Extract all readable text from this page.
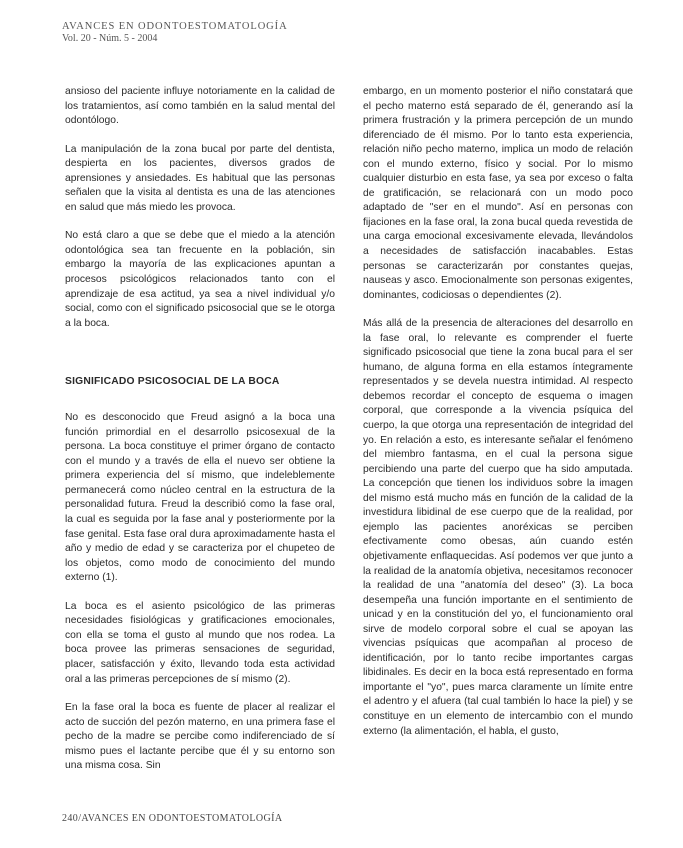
AVANCES EN ODONTOESTOMATOLOGÍA
Vol. 20 - Núm. 5 - 2004

ansioso del paciente influye notoriamente en la calidad de los tratamientos, así como también en la salud mental del odontólogo.

La manipulación de la zona bucal por parte del dentista, despierta en los pacientes, diversos grados de aprensiones y ansiedades. Es habitual que las personas señalen que la visita al dentista es una de las atenciones en salud que más miedo les provoca.

No está claro a que se debe que el miedo a la atención odontológica sea tan frecuente en la población, sin embargo la mayoría de las explicaciones apuntan a procesos psicológicos relacionados tanto con el aprendizaje de esa actitud, ya sea a nivel individual y/o social, como con el significado psicosocial que se le otorga a la boca.

SIGNIFICADO PSICOSOCIAL DE LA BOCA

No es desconocido que Freud asignó a la boca una función primordial en el desarrollo psicosexual de la persona. La boca constituye el primer órgano de contacto con el mundo y a través de ella el nuevo ser obtiene la primera experiencia del sí mismo, que indeleblemente permanecerá como núcleo central en la estructura de la personalidad futura. Freud la describió como la fase oral, la cual es seguida por la fase anal y posteriormente por la fase genital. Esta fase oral dura aproximadamente hasta el año y medio de edad y se caracteriza por el chupeteo de los objetos, como modo de conocimiento del mundo externo (1).

La boca es el asiento psicológico de las primeras necesidades fisiológicas y gratificaciones emocionales, con ella se toma el gusto al mundo que nos rodea. La boca provee las primeras sensaciones de seguridad, placer, satisfacción y éxito, llevando toda esta actividad oral a las primeras percepciones de sí mismo (2).

En la fase oral la boca es fuente de placer al realizar el acto de succión del pezón materno, en una primera fase el pecho de la madre se percibe como indiferenciado de sí mismo pues el lactante percibe que él y su entorno son una misma cosa. Sin

embargo, en un momento posterior el niño constatará que el pecho materno está separado de él, generando así la primera frustración y la primera percepción de un mundo diferenciado de él mismo. Por lo tanto esta experiencia, relación niño pecho materno, implica un modo de relación con el mundo externo, físico y social. Por lo mismo cualquier disturbio en esta fase, ya sea por exceso o falta de gratificación, se relacionará con un modo poco adaptado de "ser en el mundo". Así en personas con fijaciones en la fase oral, la zona bucal queda revestida de una carga emocional excesivamente elevada, llevándolos a necesidades de satisfacción inacabables. Estas personas se caracterizarán por constantes quejas, nauseas y asco. Emocionalmente son personas exigentes, dominantes, codiciosas o dependientes (2).

Más allá de la presencia de alteraciones del desarrollo en la fase oral, lo relevante es comprender el fuerte significado psicosocial que tiene la zona bucal para el ser humano, de alguna forma en ella estamos íntegramente representados y se devela nuestra intimidad. Al respecto debemos recordar el concepto de esquema o imagen corporal, que corresponde a la vivencia psíquica del cuerpo, la que otorga una representación de integridad del yo. En relación a esto, es interesante señalar el fenómeno del miembro fantasma, en el cual la persona sigue percibiendo una parte del cuerpo que ha sido amputada. La concepción que tienen los individuos sobre la imagen del mismo está mucho más en función de la calidad de la investidura libidinal de ese cuerpo que de la realidad, por ejemplo las pacientes anoréxicas se perciben efectivamente como obesas, aún cuando estén objetivamente enflaquecidas. Así podemos ver que junto a la realidad de la anatomía objetiva, necesitamos reconocer la realidad de una "anatomía del deseo" (3). La boca desempeña una función importante en el sentimiento de unicad y en la constitución del yo, el funcionamiento oral sirve de modelo corporal sobre el cual se apoyan las vivencias psíquicas que acompañan al proceso de identificación, por lo tanto recibe importantes cargas libidinales. Es decir en la boca está representado en forma importante el "yo", pues marca claramente un límite entre el adentro y el afuera (tal cual también lo hace la piel) y se constituye en un elemento de intercambio con el mundo externo (la alimentación, el habla, el gusto,

240/AVANCES EN ODONTOESTOMATOLOGÍA
